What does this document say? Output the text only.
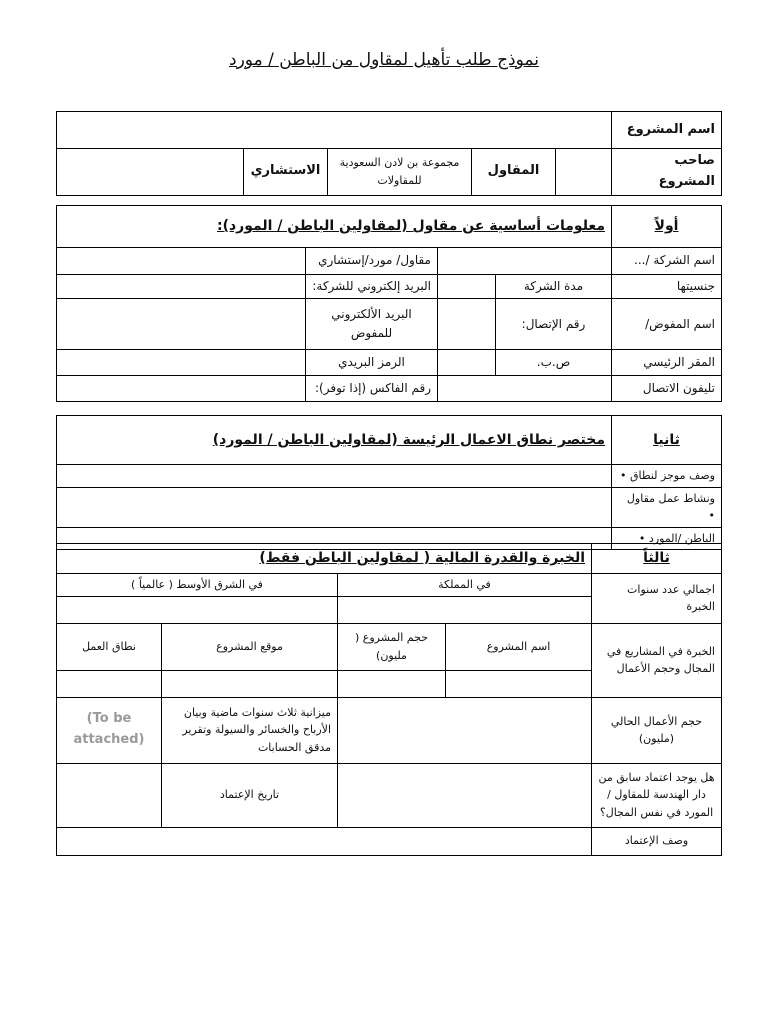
نموذج طلب تأهيل لمقاول من الباطن / مورد
اسم المشروع					
صاحب المشروع		المقاول	مجموعة بن لادن السعودية للمقاولات	الاستشاري	
أولاً	معلومات أساسية عن مقاول (لمقاولين الباطن / المورد):			
اسم الشركة /...			مقاول/ مورد/إستشاري	
جنسيتها	مدة الشركة		البريد إلكتروني للشركة:	
اسم المفوض/	رقم الإتصال:		البريد الألكتروني للمفوض	
المقر الرئيسي	ص.ب.		الرمز البريدي	
تليفون الاتصال			رقم الفاكس (إذا توفر):	
ثانيا	مختصر نطاق الاعمال الرئيسة (لمقاولين الباطن / المورد)
وصف موجز لنطاق •	
ونشاط عمل مقاول •	
الباطن /المورد •	
ثالثاً	الخبرة والقدرة المالية ( لمقاولين الباطن فقط)			
اجمالي عدد سنوات الخبرة	في المملكة		في الشرق الأوسط ( عالمياً )	

الخبرة في المشاريع في المجال وحجم الأعمال	اسم المشروع	حجم المشروع ( مليون)	موقع المشروع	نطاق العمل

حجم الأعمال الحالي (مليون)			ميزانية ثلاث سنوات ماضية وبيان الأرباح والخسائر والسيولة وتقرير مدقق الحسابات	To be)
(attached

هل يوجد اعتماد سابق من دار الهندسة للمقاول / المورد في نفس المجال؟			تاريخ الإعتماد	
وصف الإعتماد				
